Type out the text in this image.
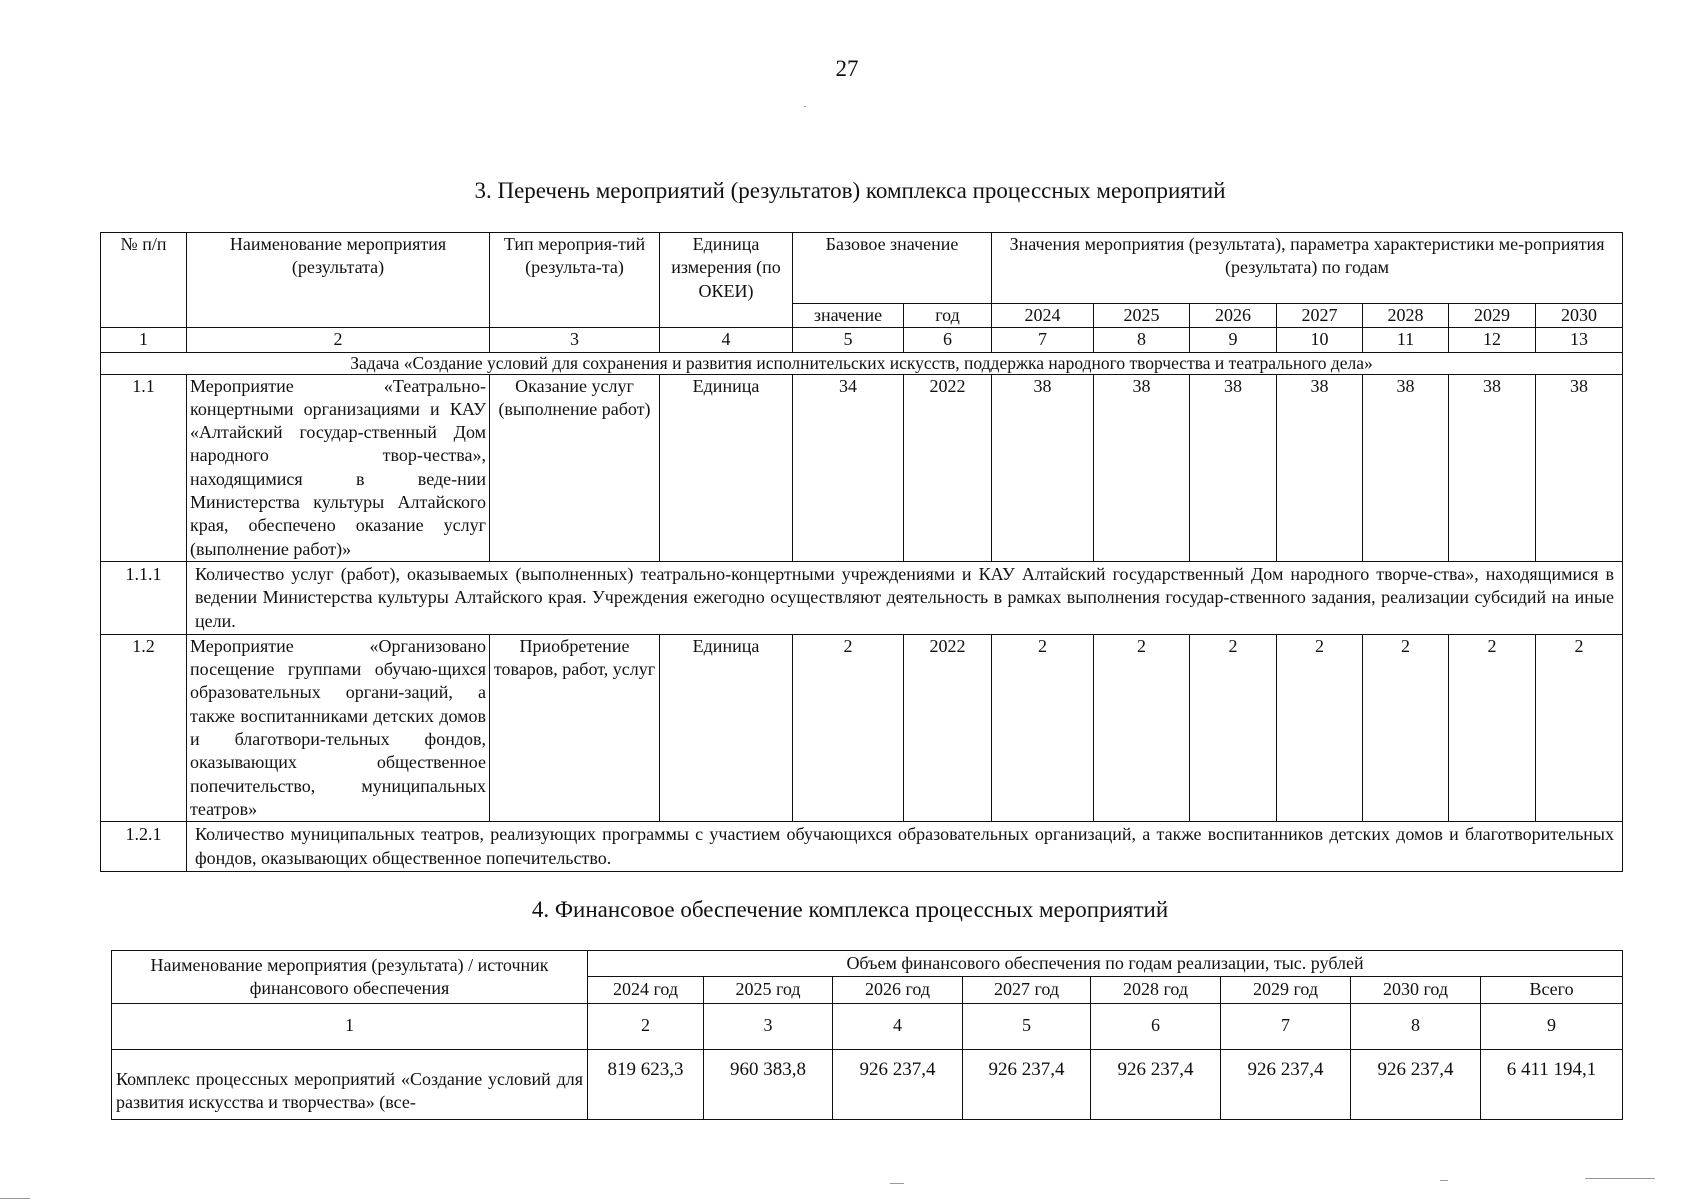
27
3. Перечень мероприятий (результатов) комплекса процессных мероприятий
№ п/п	Наименование мероприятия (результата)	Тип мероприя-тий (результа-та)	Единица измерения (по ОКЕИ)	Базовое значение		Значения мероприятия (результата), параметра характеристики ме-роприятия (результата) по годам						
				значение	год	2024	2025	2026	2027	2028	2029	2030
1	2	3	4	5	6	7	8	9	10	11	12	13
Задача «Создание условий для сохранения и развития исполнительских искусств, поддержка народного творчества и театрального дела»												
1.1	Мероприятие «Театрально-концертными организациями и КАУ «Алтайский государ-ственный Дом народного твор-чества», находящимися в веде-нии Министерства культуры Алтайского края, обеспечено оказание услуг (выполнение работ)»	Оказание услуг (выполнение работ)	Единица	34	2022	38	38	38	38	38	38	38
1.1.1	Количество услуг (работ), оказываемых (выполненных) театрально-концертными учреждениями и КАУ Алтайский государственный Дом народного творче-ства», находящимися в ведении Министерства культуры Алтайского края. Учреждения ежегодно осуществляют деятельность в рамках выполнения государ-ственного задания, реализации субсидий на иные цели.											
1.2	Мероприятие «Организовано посещение группами обучаю-щихся образовательных органи-заций, а также воспитанниками детских домов и благотвори-тельных фондов, оказывающих общественное попечительство, муниципальных театров»	Приобретение товаров, работ, услуг	Единица	2	2022	2	2	2	2	2	2	2
1.2.1	Количество муниципальных театров, реализующих программы с участием обучающихся образовательных организаций, а также воспитанников детских домов и благотворительных фондов, оказывающих общественное попечительство.											
4. Финансовое обеспечение комплекса процессных мероприятий
Наименование мероприятия (результата) / источник финансового обеспечения	Объем финансового обеспечения по годам реализации, тыс. рублей							
	2024 год	2025 год	2026 год	2027 год	2028 год	2029 год	2030 год	Всего
1	2	3	4	5	6	7	8	9
Комплекс процессных мероприятий «Создание условий для развития искусства и творчества» (все-	819 623,3	960 383,8	926 237,4	926 237,4	926 237,4	926 237,4	926 237,4	6 411 194,1
